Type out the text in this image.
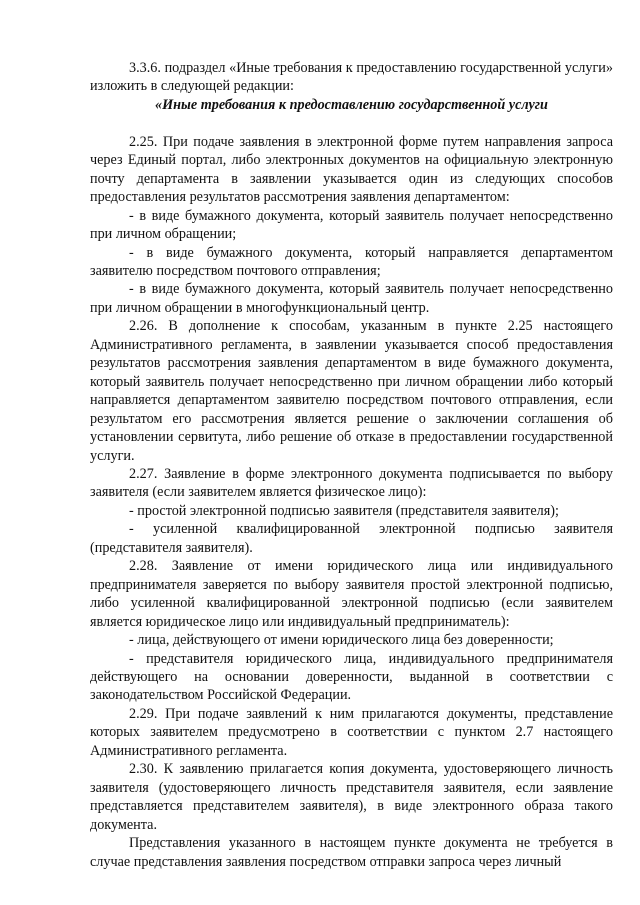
3.3.6. подраздел «Иные требования к предоставлению государственной услуги» изложить в следующей редакции:

«Иные требования к предоставлению государственной услуги

2.25. При подаче заявления в электронной форме путем направления запроса через Единый портал, либо электронных документов на официальную электронную почту департамента в заявлении указывается один из следующих способов предоставления результатов рассмотрения заявления департаментом:

- в виде бумажного документа, который заявитель получает непосредственно при личном обращении;

- в виде бумажного документа, который направляется департаментом заявителю посредством почтового отправления;

- в виде бумажного документа, который заявитель получает непосредственно при личном обращении в многофункциональный центр.

2.26. В дополнение к способам, указанным в пункте 2.25 настоящего Административного регламента, в заявлении указывается способ предоставления результатов рассмотрения заявления департаментом в виде бумажного документа, который заявитель получает непосредственно при личном обращении либо который направляется департаментом заявителю посредством почтового отправления, если результатом его рассмотрения является решение о заключении соглашения об установлении сервитута, либо решение об отказе в предоставлении государственной услуги.

2.27. Заявление в форме электронного документа подписывается по выбору заявителя (если заявителем является физическое лицо):

- простой электронной подписью заявителя (представителя заявителя);

- усиленной квалифицированной электронной подписью заявителя (представителя заявителя).

2.28. Заявление от имени юридического лица или индивидуального предпринимателя заверяется по выбору заявителя простой электронной подписью, либо усиленной квалифицированной электронной подписью (если заявителем является юридическое лицо или индивидуальный предприниматель):

- лица, действующего от имени юридического лица без доверенности;

- представителя юридического лица, индивидуального предпринимателя действующего на основании доверенности, выданной в соответствии с законодательством Российской Федерации.

2.29. При подаче заявлений к ним прилагаются документы, представление которых заявителем предусмотрено в соответствии с пунктом 2.7 настоящего Административного регламента.

2.30. К заявлению прилагается копия документа, удостоверяющего личность заявителя (удостоверяющего личность представителя заявителя, если заявление представляется представителем заявителя), в виде электронного образа такого документа.

Представления указанного в настоящем пункте документа не требуется в случае представления заявления посредством отправки запроса через личный
